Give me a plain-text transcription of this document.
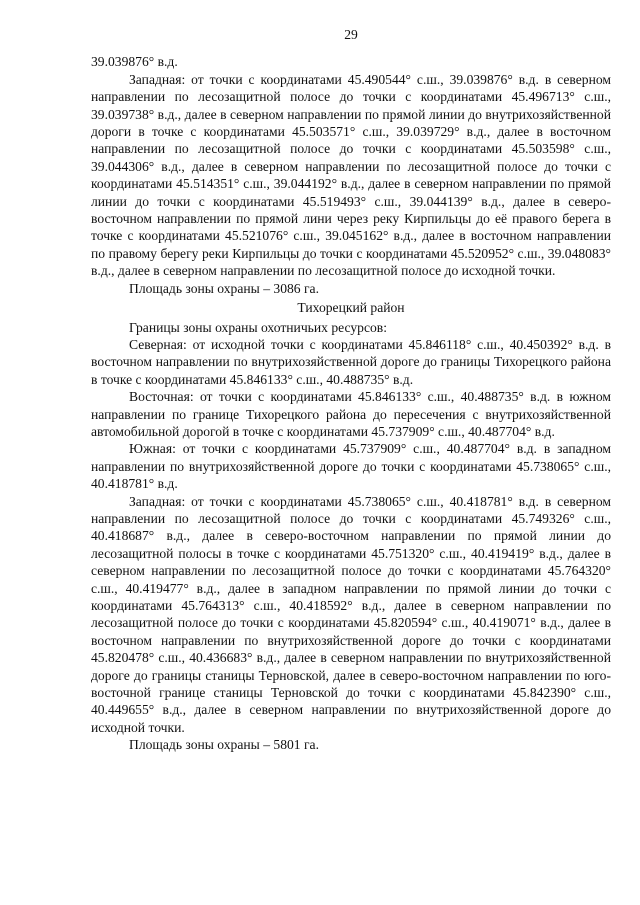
29

39.039876° в.д.

Западная: от точки с координатами 45.490544° с.ш., 39.039876° в.д. в северном направлении по лесозащитной полосе до точки с координатами 45.496713° с.ш., 39.039738° в.д., далее в северном направлении по прямой линии до внутрихозяйственной дороги в точке с координатами 45.503571° с.ш., 39.039729° в.д., далее в восточном направлении по лесозащитной полосе до точки с координатами 45.503598° с.ш., 39.044306° в.д., далее в северном направлении по лесозащитной полосе до точки с координатами 45.514351° с.ш., 39.044192° в.д., далее в северном направлении по прямой линии до точки с координатами 45.519493° с.ш., 39.044139° в.д., далее в северо-восточном направлении по прямой лини через реку Кирпильцы до её правого берега в точке с координатами 45.521076° с.ш., 39.045162° в.д., далее в восточном направлении по правому берегу реки Кирпильцы до точки с координатами 45.520952° с.ш., 39.048083° в.д., далее в северном направлении по лесозащитной полосе до исходной точки.

Площадь зоны охраны – 3086 га.

Тихорецкий район

Границы зоны охраны охотничьих ресурсов:

Северная: от исходной точки с координатами 45.846118° с.ш., 40.450392° в.д. в восточном направлении по внутрихозяйственной дороге до границы Тихорецкого района в точке с координатами 45.846133° с.ш., 40.488735° в.д.

Восточная: от точки с координатами 45.846133° с.ш., 40.488735° в.д. в южном направлении по границе Тихорецкого района до пересечения с внутрихозяйственной автомобильной дорогой в точке с координатами 45.737909° с.ш., 40.487704° в.д.

Южная: от точки с координатами 45.737909° с.ш., 40.487704° в.д. в западном направлении по внутрихозяйственной дороге до точки с координатами 45.738065° с.ш., 40.418781° в.д.

Западная: от точки с координатами 45.738065° с.ш., 40.418781° в.д. в северном направлении по лесозащитной полосе до точки с координатами 45.749326° с.ш., 40.418687° в.д., далее в северо-восточном направлении по прямой линии до лесозащитной полосы в точке с координатами 45.751320° с.ш., 40.419419° в.д., далее в северном направлении по лесозащитной полосе до точки с координатами 45.764320° с.ш., 40.419477° в.д., далее в западном направлении по прямой линии до точки с координатами 45.764313° с.ш., 40.418592° в.д., далее в северном направлении по лесозащитной полосе до точки с координатами 45.820594° с.ш., 40.419071° в.д., далее в восточном направлении по внутрихозяйственной дороге до точки с координатами 45.820478° с.ш., 40.436683° в.д., далее в северном направлении по внутрихозяйственной дороге до границы станицы Терновской, далее в северо-восточном направлении по юго-восточной границе станицы Терновской до точки с координатами 45.842390° с.ш., 40.449655° в.д., далее в северном направлении по внутрихозяйственной дороге до исходной точки.

Площадь зоны охраны – 5801 га.
